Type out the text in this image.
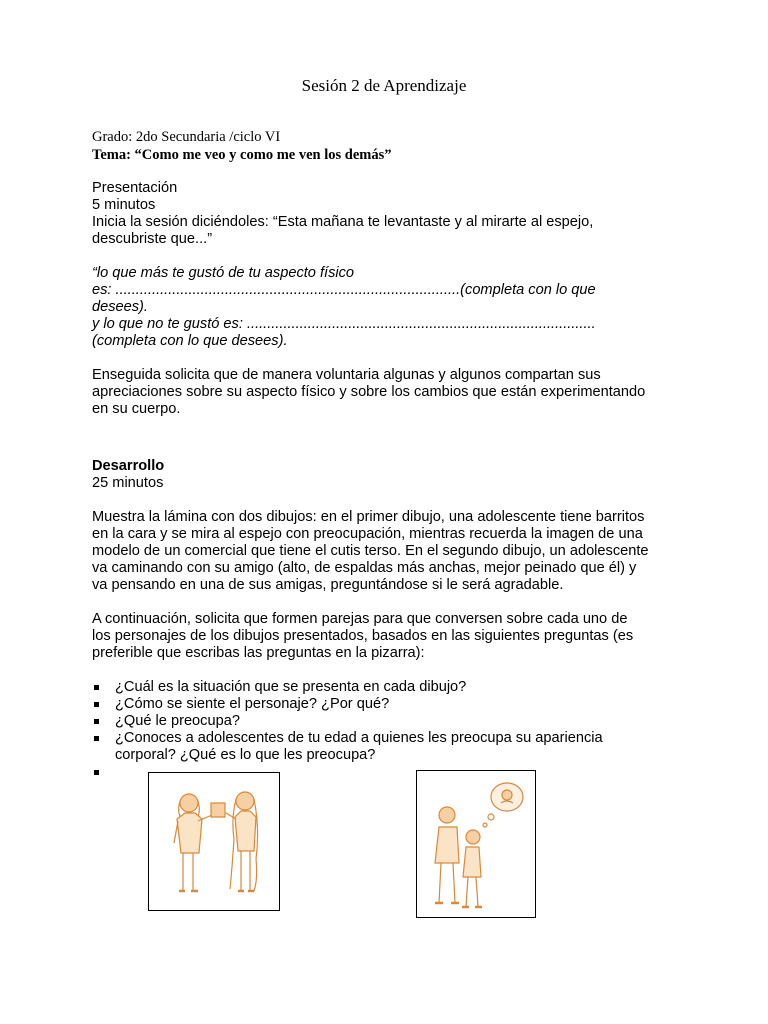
Sesión 2 de Aprendizaje
Grado: 2do Secundaria /ciclo VI
Tema: “Como me veo y como me ven los demás”

Presentación

5 minutos

Inicia la sesión diciéndoles: “Esta mañana te levantaste y al mirarte al espejo,

descubriste que...”

“lo que más te gustó de tu aspecto físico

es: .....................................................................................(completa con lo que

desees).

y lo que no te gustó es: ......................................................................................

(completa con lo que desees).

Enseguida solicita que de manera voluntaria algunas y algunos compartan sus

apreciaciones sobre su aspecto físico y sobre los cambios que están experimentando

en su cuerpo.

Desarrollo

25 minutos

Muestra la lámina con dos dibujos: en el primer dibujo, una adolescente tiene barritos

en la cara y se mira al espejo con preocupación, mientras recuerda la imagen de una

modelo de un comercial que tiene el cutis terso. En el segundo dibujo, un adolescente

va caminando con su amigo (alto, de espaldas más anchas, mejor peinado que él) y

va pensando en una de sus amigas, preguntándose si le será agradable.

A continuación, solicita que formen parejas para que conversen sobre cada uno de

los personajes de los dibujos presentados, basados en las siguientes preguntas (es

preferible que escribas las preguntas en la pizarra):

¿Cuál es la situación que se presenta en cada dibujo?
¿Cómo se siente el personaje? ¿Por qué?
¿Qué le preocupa?
¿Conoces a adolescentes de tu edad a quienes les preocupa su apariencia
corporal? ¿Qué es lo que les preocupa?
